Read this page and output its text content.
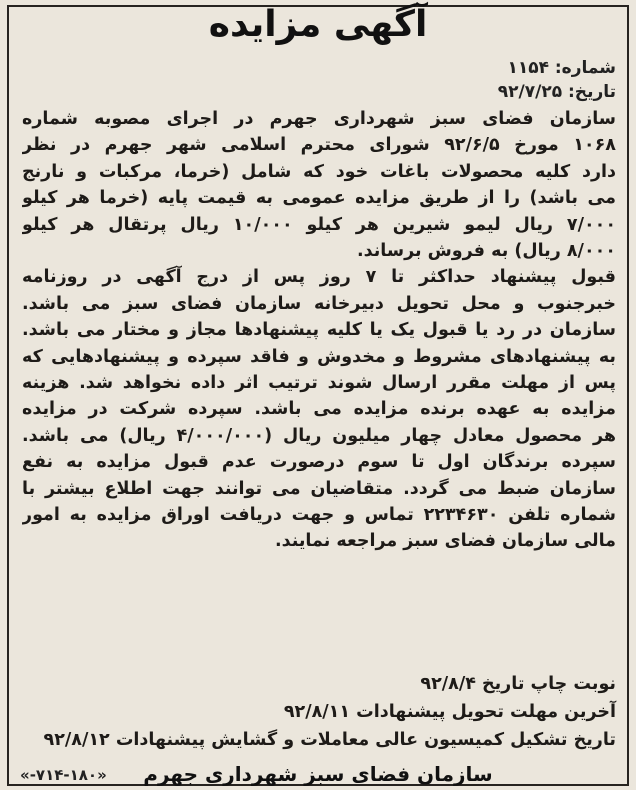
آگهی مزایده
شماره: ۱۱۵۴
تاریخ: ۹۲/۷/۲۵
سازمان فضای سبز شهرداری جهرم در اجرای مصوبه شماره
۱۰۶۸ مورخ ۹۲/۶/۵ شورای محترم اسلامی شهر جهرم در نظر
دارد کلیه محصولات باغات خود که شامل (خرما، مرکبات و نارنج
می باشد) را از طریق مزایده عمومی به قیمت پایه (خرما هر کیلو
۷/۰۰۰ ریال لیمو شیرین هر کیلو ۱۰/۰۰۰ ریال پرتقال هر کیلو
۸/۰۰۰ ریال) به فروش برساند.
قبول پیشنهاد حداکثر تا ۷ روز پس از درج آگهی در روزنامه
خبرجنوب و محل تحویل دبیرخانه سازمان فضای سبز می باشد.
سازمان در رد یا قبول یک یا کلیه پیشنهادها مجاز و مختار می باشد.
به پیشنهادهای مشروط و مخدوش و فاقد سپرده و پیشنهادهایی که
پس از مهلت مقرر ارسال شوند ترتیب اثر داده نخواهد شد. هزینه
مزایده به عهده برنده مزایده می باشد. سپرده شرکت در مزایده
هر محصول معادل چهار میلیون ریال (۴/۰۰۰/۰۰۰ ریال) می باشد.
سپرده برندگان اول تا سوم درصورت عدم قبول مزایده به نفع
سازمان ضبط می گردد. متقاضیان می توانند جهت اطلاع بیشتر با
شماره تلفن ۲۲۳۴۶۳۰ تماس و جهت دریافت اوراق مزایده به امور
مالی سازمان فضای سبز مراجعه نمایند.
نوبت چاپ تاریخ ۹۲/۸/۴
آخرین مهلت تحویل پیشنهادات ۹۲/۸/۱۱
تاریخ تشکیل کمیسیون عالی معاملات و گشایش پیشنهادات ۹۲/۸/۱۲
سازمان فضای سبز شهرداری جهرم
«۷۱۴-۱۸۰-»
